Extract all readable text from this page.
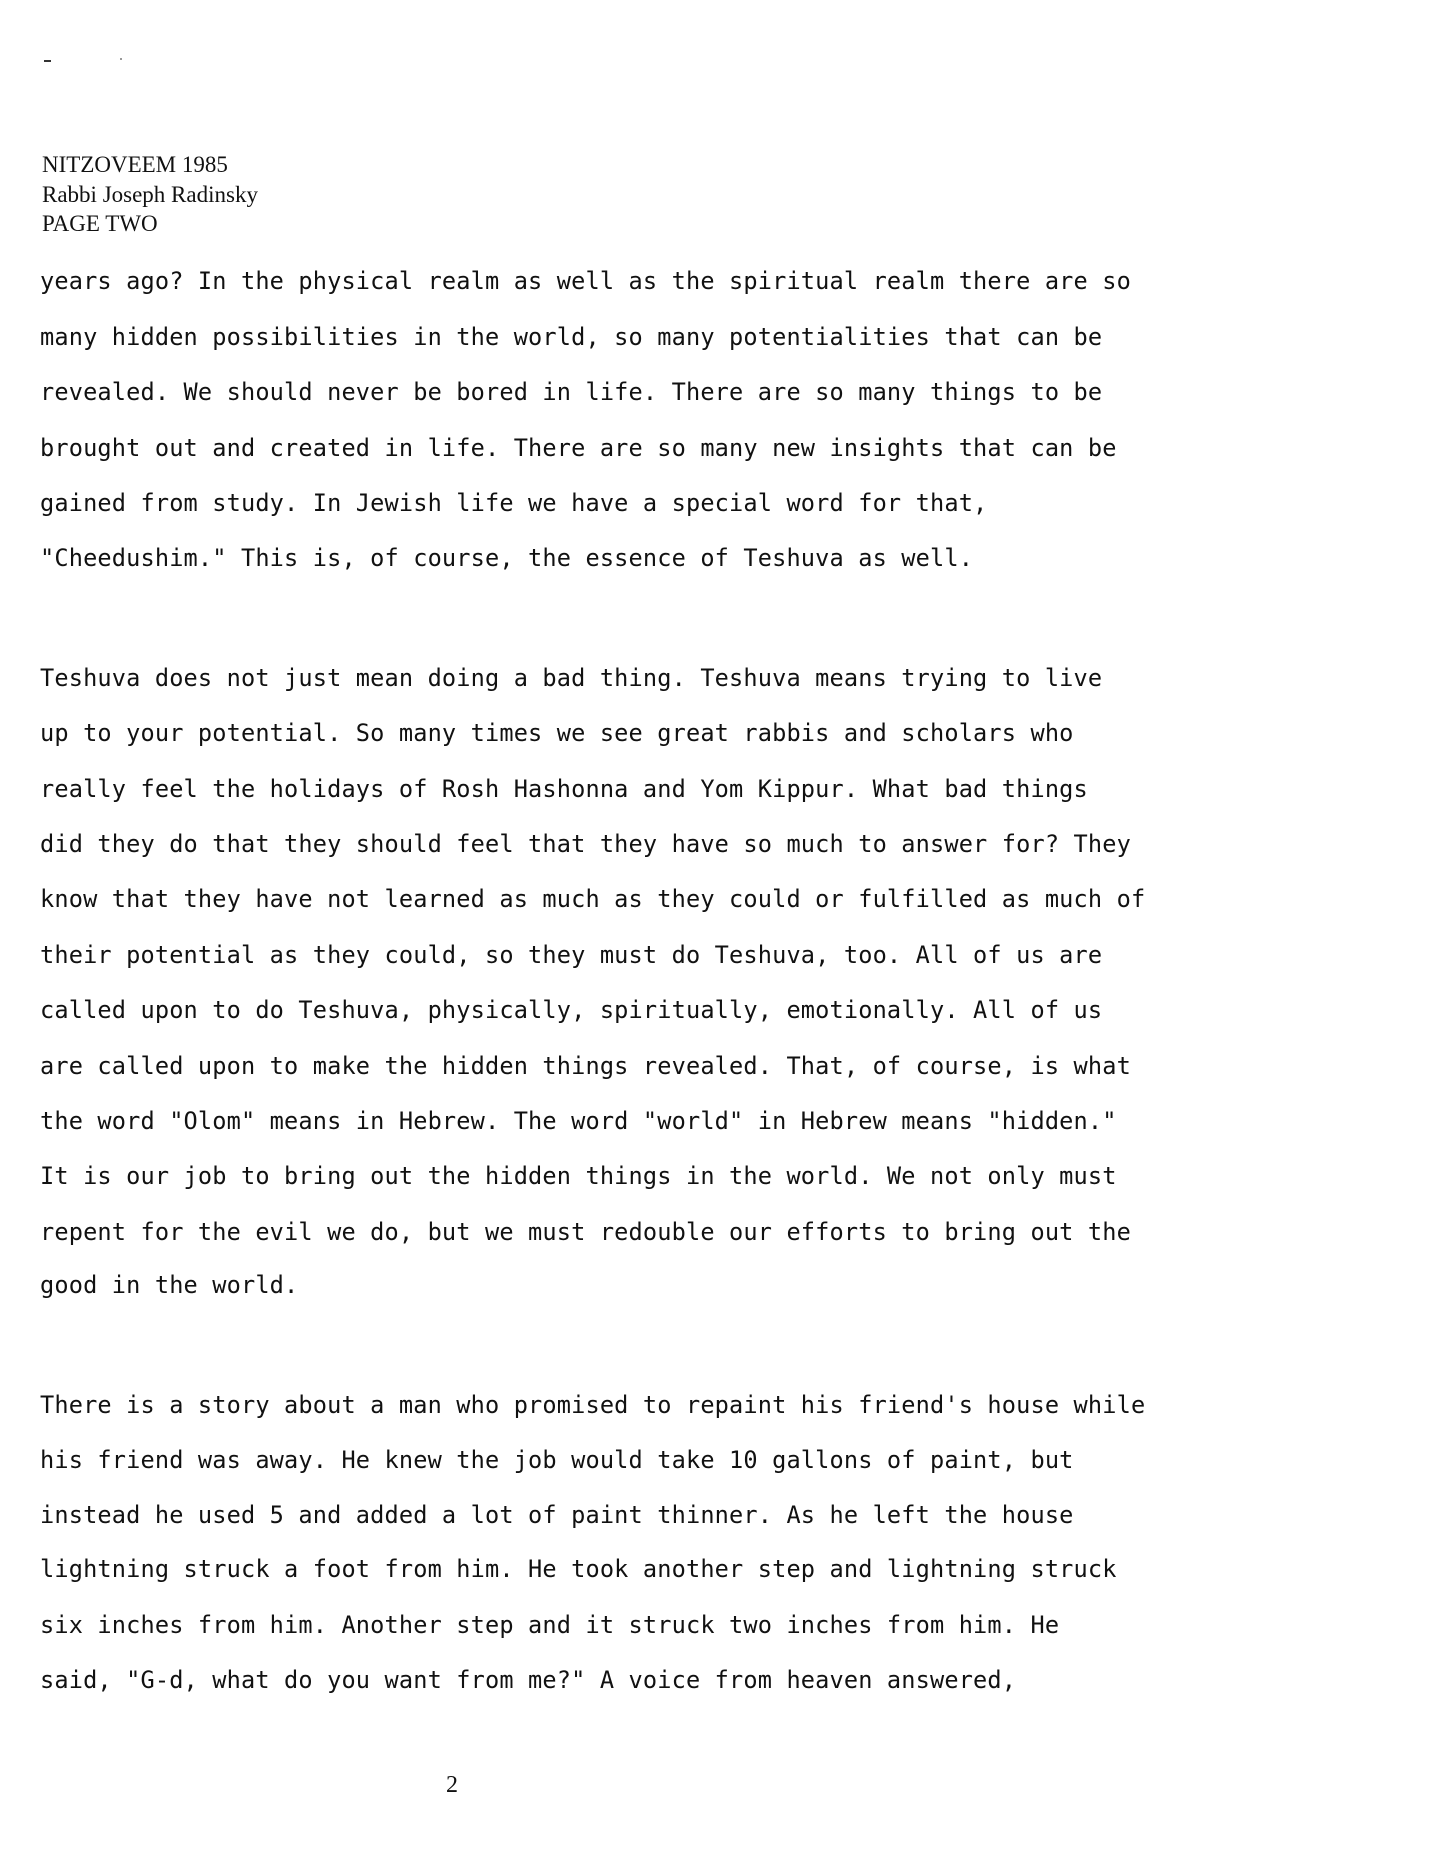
NITZOVEEM 1985
Rabbi Joseph Radinsky
PAGE TWO
years ago? In the physical realm as well as the spiritual realm there are so
many hidden possibilities in the world, so many potentialities that can be
revealed. We should never be bored in life. There are so many things to be
brought out and created in life. There are so many new insights that can be
gained from study. In Jewish life we have a special word for that,
"Cheedushim." This is, of course, the essence of Teshuva as well.
Teshuva does not just mean doing a bad thing. Teshuva means trying to live
up to your potential. So many times we see great rabbis and scholars who
really feel the holidays of Rosh Hashonna and Yom Kippur. What bad things
did they do that they should feel that they have so much to answer for? They
know that they have not learned as much as they could or fulfilled as much of
their potential as they could, so they must do Teshuva, too. All of us are
called upon to do Teshuva, physically, spiritually, emotionally. All of us
are called upon to make the hidden things revealed. That, of course, is what
the word "Olom" means in Hebrew. The word "world" in Hebrew means "hidden."
It is our job to bring out the hidden things in the world. We not only must
repent for the evil we do, but we must redouble our efforts to bring out the
good in the world.
There is a story about a man who promised to repaint his friend's house while
his friend was away. He knew the job would take 10 gallons of paint, but
instead he used 5 and added a lot of paint thinner. As he left the house
lightning struck a foot from him. He took another step and lightning struck
six inches from him. Another step and it struck two inches from him. He
said, "G-d, what do you want from me?" A voice from heaven answered,
2
